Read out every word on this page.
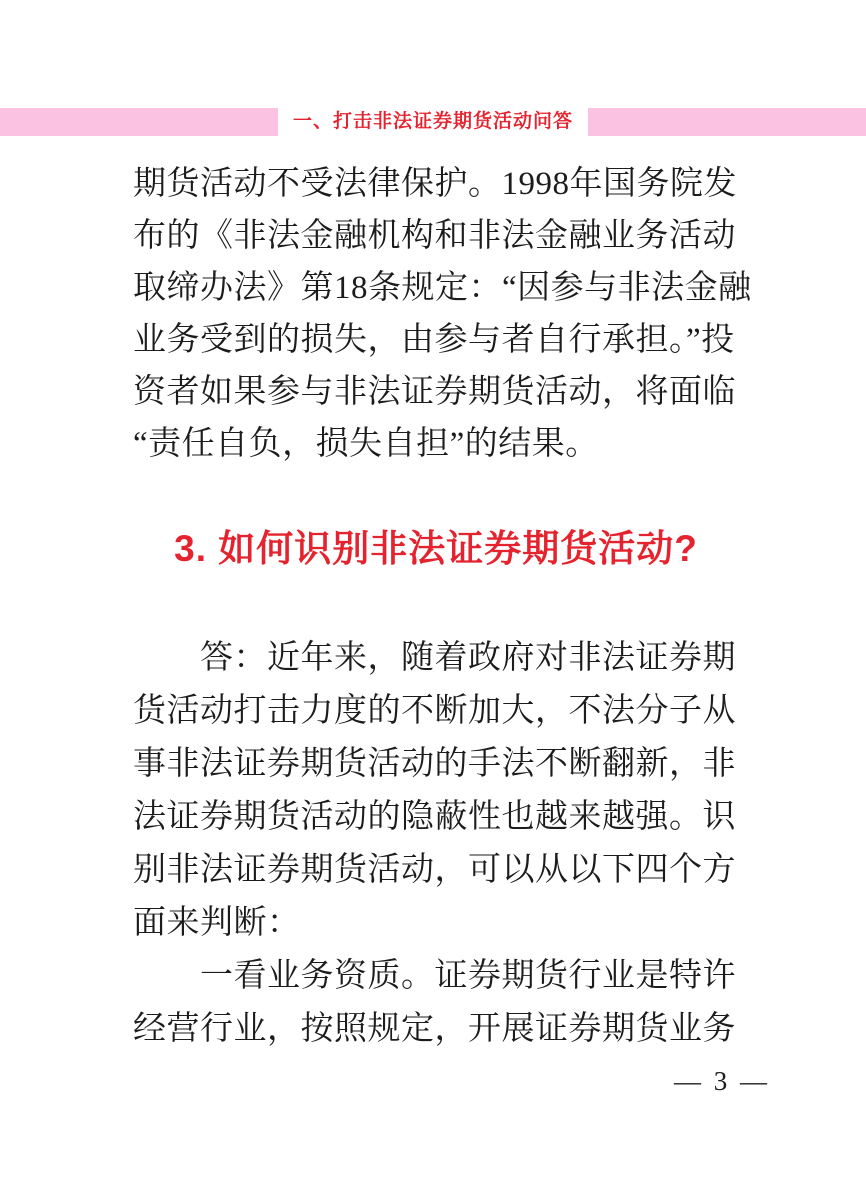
一、打击非法证券期货活动问答
期货活动不受法律保护。1998年国务院发
布的《非法金融机构和非法金融业务活动
取缔办法》第18条规定：“因参与非法金融
业务受到的损失，由参与者自行承担。”投
资者如果参与非法证券期货活动，将面临
“责任自负，损失自担”的结果。
3. 如何识别非法证券期货活动?
　　答：近年来，随着政府对非法证券期
货活动打击力度的不断加大，不法分子从
事非法证券期货活动的手法不断翻新，非
法证券期货活动的隐蔽性也越来越强。识
别非法证券期货活动，可以从以下四个方
面来判断：
　　一看业务资质。证券期货行业是特许
经营行业，按照规定，开展证券期货业务
— 3 —
